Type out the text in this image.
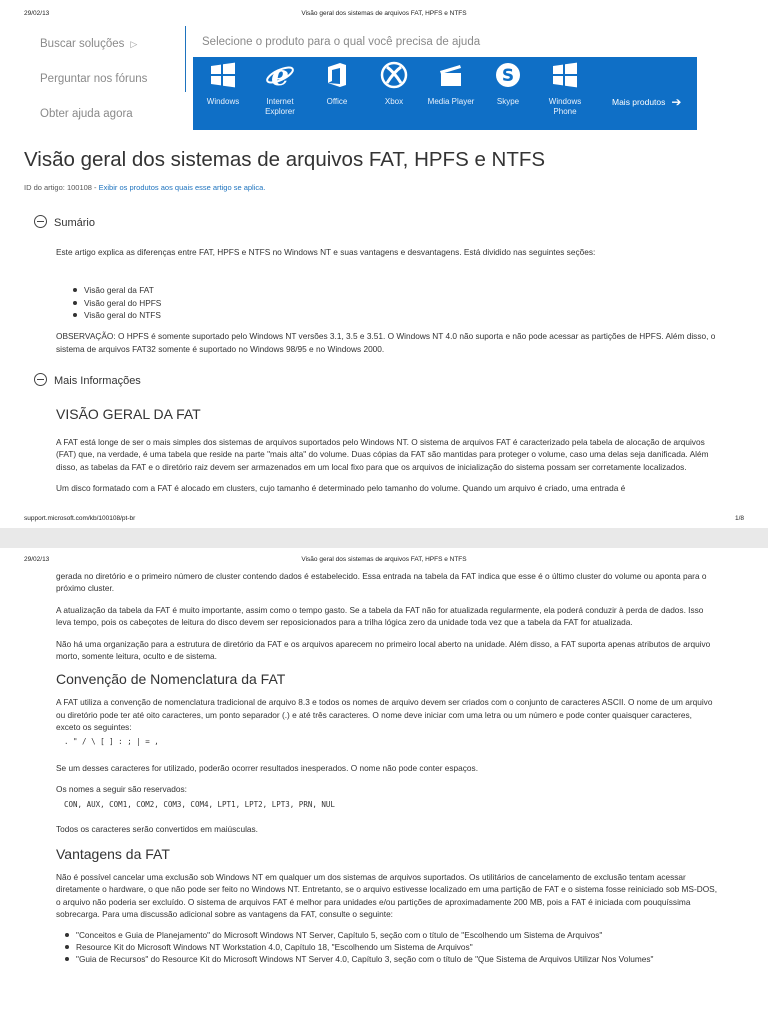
29/02/13	Visão geral dos sistemas de arquivos FAT, HPFS e NTFS
Buscar soluções ▷
Perguntar nos fóruns
Obter ajuda agora
Selecione o produto para o qual você precisa de ajuda
Windows
e
Internet Explorer
Office	Xbox	Media Player
S
Skype	Windows Phone
Mais produtos ➔
Visão geral dos sistemas de arquivos FAT, HPFS e NTFS
ID do artigo: 100108 - Exibir os produtos aos quais esse artigo se aplica.
Sumário

Este artigo explica as diferenças entre FAT, HPFS e NTFS no Windows NT e suas vantagens e desvantagens. Está dividido nas seguintes seções:

Visão geral da FAT
Visão geral do HPFS
Visão geral do NTFS

OBSERVAÇÃO: O HPFS é somente suportado pelo Windows NT versões 3.1, 3.5 e 3.51. O Windows NT 4.0 não suporta e não pode acessar as partições de HPFS. Além disso, o sistema de arquivos FAT32 somente é suportado no Windows 98/95 e no Windows 2000.

Mais Informações
VISÃO GERAL DA FAT

A FAT está longe de ser o mais simples dos sistemas de arquivos suportados pelo Windows NT. O sistema de arquivos FAT é caracterizado pela tabela de alocação de arquivos (FAT) que, na verdade, é uma tabela que reside na parte "mais alta" do volume. Duas cópias da FAT são mantidas para proteger o volume, caso uma delas seja danificada. Além disso, as tabelas da FAT e o diretório raiz devem ser armazenados em um local fixo para que os arquivos de inicialização do sistema possam ser corretamente localizados.

Um disco formatado com a FAT é alocado em clusters, cujo tamanho é determinado pelo tamanho do volume. Quando um arquivo é criado, uma entrada é

support.microsoft.com/kb/100108/pt-br	1/8
29/02/13	Visão geral dos sistemas de arquivos FAT, HPFS e NTFS

gerada no diretório e o primeiro número de cluster contendo dados é estabelecido. Essa entrada na tabela da FAT indica que esse é o último cluster do volume ou aponta para o próximo cluster.

A atualização da tabela da FAT é muito importante, assim como o tempo gasto. Se a tabela da FAT não for atualizada regularmente, ela poderá conduzir à perda de dados. Isso leva tempo, pois os cabeçotes de leitura do disco devem ser reposicionados para a trilha lógica zero da unidade toda vez que a tabela da FAT for atualizada.

Não há uma organização para a estrutura de diretório da FAT e os arquivos aparecem no primeiro local aberto na unidade. Além disso, a FAT suporta apenas atributos de arquivo morto, somente leitura, oculto e de sistema.

Convenção de Nomenclatura da FAT

A FAT utiliza a convenção de nomenclatura tradicional de arquivo 8.3 e todos os nomes de arquivo devem ser criados com o conjunto de caracteres ASCII. O nome de um arquivo ou diretório pode ter até oito caracteres, um ponto separador (.) e até três caracteres. O nome deve iniciar com uma letra ou um número e pode conter quaisquer caracteres, exceto os seguintes:

. " / \ [ ] : ; | = ,

Se um desses caracteres for utilizado, poderão ocorrer resultados inesperados. O nome não pode conter espaços.

Os nomes a seguir são reservados:

CON, AUX, COM1, COM2, COM3, COM4, LPT1, LPT2, LPT3, PRN, NUL

Todos os caracteres serão convertidos em maiúsculas.

Vantagens da FAT

Não é possível cancelar uma exclusão sob Windows NT em qualquer um dos sistemas de arquivos suportados. Os utilitários de cancelamento de exclusão tentam acessar diretamente o hardware, o que não pode ser feito no Windows NT. Entretanto, se o arquivo estivesse localizado em uma partição de FAT e o sistema fosse reiniciado sob MS-DOS, o arquivo não poderia ser excluído. O sistema de arquivos FAT é melhor para unidades e/ou partições de aproximadamente 200 MB, pois a FAT é iniciada com pouquíssima sobrecarga. Para uma discussão adicional sobre as vantagens da FAT, consulte o seguinte:

"Conceitos e Guia de Planejamento" do Microsoft Windows NT Server, Capítulo 5, seção com o título de "Escolhendo um Sistema de Arquivos"
Resource Kit do Microsoft Windows NT Workstation 4.0, Capítulo 18, "Escolhendo um Sistema de Arquivos"
"Guia de Recursos" do Resource Kit do Microsoft Windows NT Server 4.0, Capítulo 3, seção com o título de "Que Sistema de Arquivos Utilizar Nos Volumes"
